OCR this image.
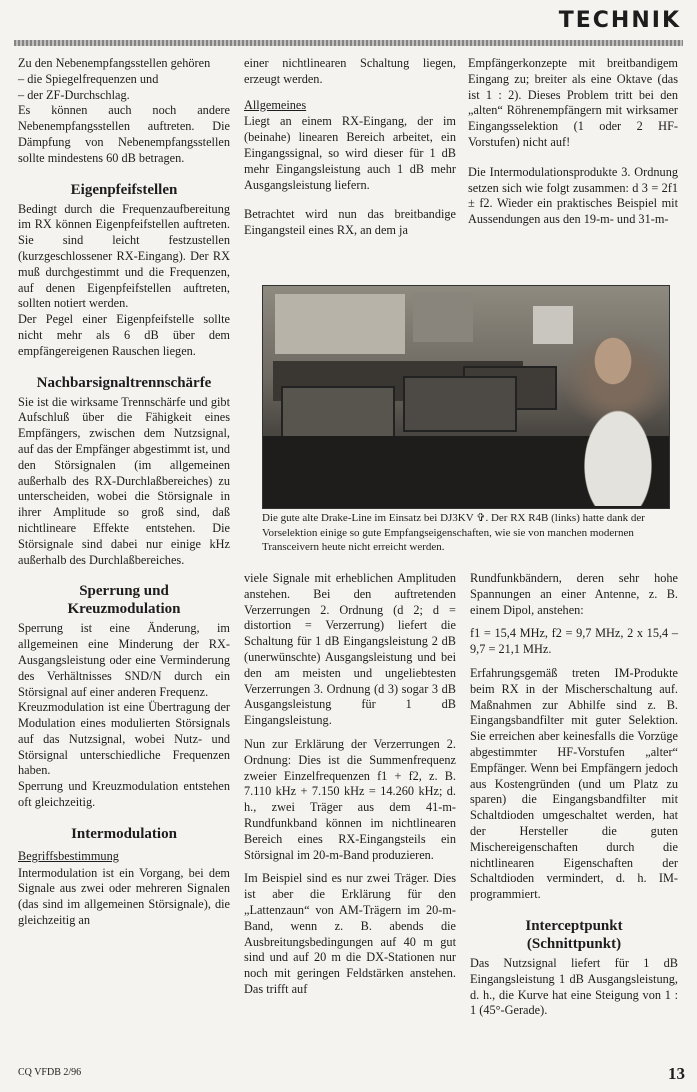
TECHNIK

Zu den Nebenempfangsstellen gehören

– die Spiegelfrequenzen und

– der ZF-Durchschlag.

Es können auch noch andere Nebenempfangsstellen auftreten. Die Dämpfung von Nebenempfangsstellen sollte mindestens 60 dB betragen.

Eigenpfeifstellen

Bedingt durch die Frequenzaufbereitung im RX können Eigenpfeifstellen auftreten. Sie sind leicht festzustellen (kurzgeschlossener RX-Eingang). Der RX muß durchgestimmt und die Frequenzen, auf denen Eigenpfeifstellen auftreten, sollten notiert werden.

Der Pegel einer Eigenpfeifstelle sollte nicht mehr als 6 dB über dem empfängereigenen Rauschen liegen.

Nachbarsignaltrennschärfe

Sie ist die wirksame Trennschärfe und gibt Aufschluß über die Fähigkeit eines Empfängers, zwischen dem Nutzsignal, auf das der Empfänger abgestimmt ist, und den Störsignalen (im allgemeinen außerhalb des RX-Durchlaßbereiches) zu unterscheiden, wobei die Störsignale in ihrer Amplitude so groß sind, daß nichtlineare Effekte entstehen. Die Störsignale sind dabei nur einige kHz außerhalb des Durchlaßbereiches.

Sperrung und
Kreuzmodulation

Sperrung ist eine Änderung, im allgemeinen eine Minderung der RX-Ausgangsleistung oder eine Verminderung des Verhältnisses SND/N durch ein Störsignal auf einer anderen Frequenz.

Kreuzmodulation ist eine Übertragung der Modulation eines modulierten Störsignals auf das Nutzsignal, wobei Nutz- und Störsignal unterschiedliche Frequenzen haben.

Sperrung und Kreuzmodulation entstehen oft gleichzeitig.

Intermodulation
Begriffsbestimmung

Intermodulation ist ein Vorgang, bei dem Signale aus zwei oder mehreren Signalen (das sind im allgemeinen Störsignale), die gleichzeitig an

einer nichtlinearen Schaltung liegen, erzeugt werden.

Allgemeines

Liegt an einem RX-Eingang, der im (beinahe) linearen Bereich arbeitet, ein Eingangssignal, so wird dieser für 1 dB mehr Eingangsleistung auch 1 dB mehr Ausgangsleistung liefern.

Betrachtet wird nun das breitbandige Eingangsteil eines RX, an dem ja

Empfängerkonzepte mit breitbandigem Eingang zu; breiter als eine Oktave (das ist 1 : 2). Dieses Problem tritt bei den „alten“ Röhrenempfängern mit wirksamer Eingangsselektion (1 oder 2 HF-Vorstufen) nicht auf!

Die Intermodulationsprodukte 3. Ordnung setzen sich wie folgt zusammen: d 3 = 2f1 ± f2. Wieder ein praktisches Beispiel mit Aussendungen aus den 19-m- und 31-m-

Die gute alte Drake-Line im Einsatz bei DJ3KV ✞. Der RX R4B (links) hatte dank der Vorselektion einige so gute Empfangseigenschaften, wie sie von manchen modernen Transceivern heute nicht erreicht werden.

viele Signale mit erheblichen Amplituden anstehen. Bei den auftretenden Verzerrungen 2. Ordnung (d 2; d = distortion = Verzerrung) liefert die Schaltung für 1 dB Eingangsleistung 2 dB (unerwünschte) Ausgangsleistung und bei den am meisten und ungeliebtesten Verzerrungen 3. Ordnung (d 3) sogar 3 dB Ausgangsleistung für 1 dB Eingangsleistung.

Nun zur Erklärung der Verzerrungen 2. Ordnung: Dies ist die Summenfrequenz zweier Einzelfrequenzen f1 + f2, z. B. 7.110 kHz + 7.150 kHz = 14.260 kHz; d. h., zwei Träger aus dem 41-m-Rundfunkband können im nichtlinearen Bereich eines RX-Eingangsteils ein Störsignal im 20-m-Band produzieren.

Im Beispiel sind es nur zwei Träger. Dies ist aber die Erklärung für den „Lattenzaun“ von AM-Trägern im 20-m-Band, wenn z. B. abends die Ausbreitungsbedingungen auf 40 m gut sind und auf 20 m die DX-Stationen nur noch mit geringen Feldstärken anstehen. Das trifft auf

Rundfunkbändern, deren sehr hohe Spannungen an einer Antenne, z. B. einem Dipol, anstehen:

f1 = 15,4 MHz, f2 = 9,7 MHz, 2 x 15,4 – 9,7 = 21,1 MHz.

Erfahrungsgemäß treten IM-Produkte beim RX in der Mischerschaltung auf. Maßnahmen zur Abhilfe sind z. B. Eingangsbandfilter mit guter Selektion. Sie erreichen aber keinesfalls die Vorzüge abgestimmter HF-Vorstufen „alter“ Empfänger. Wenn bei Empfängern jedoch aus Kostengründen (und um Platz zu sparen) die Eingangsbandfilter mit Schaltdioden umgeschaltet werden, hat der Hersteller die guten Mischereigenschaften durch die nichtlinearen Eigenschaften der Schaltdioden vermindert, d. h. IM-programmiert.

Interceptpunkt
(Schnittpunkt)

Das Nutzsignal liefert für 1 dB Eingangsleistung 1 dB Ausgangsleistung, d. h., die Kurve hat eine Steigung von 1 : 1 (45°-Gerade).

CQ VFDB 2/96	13
